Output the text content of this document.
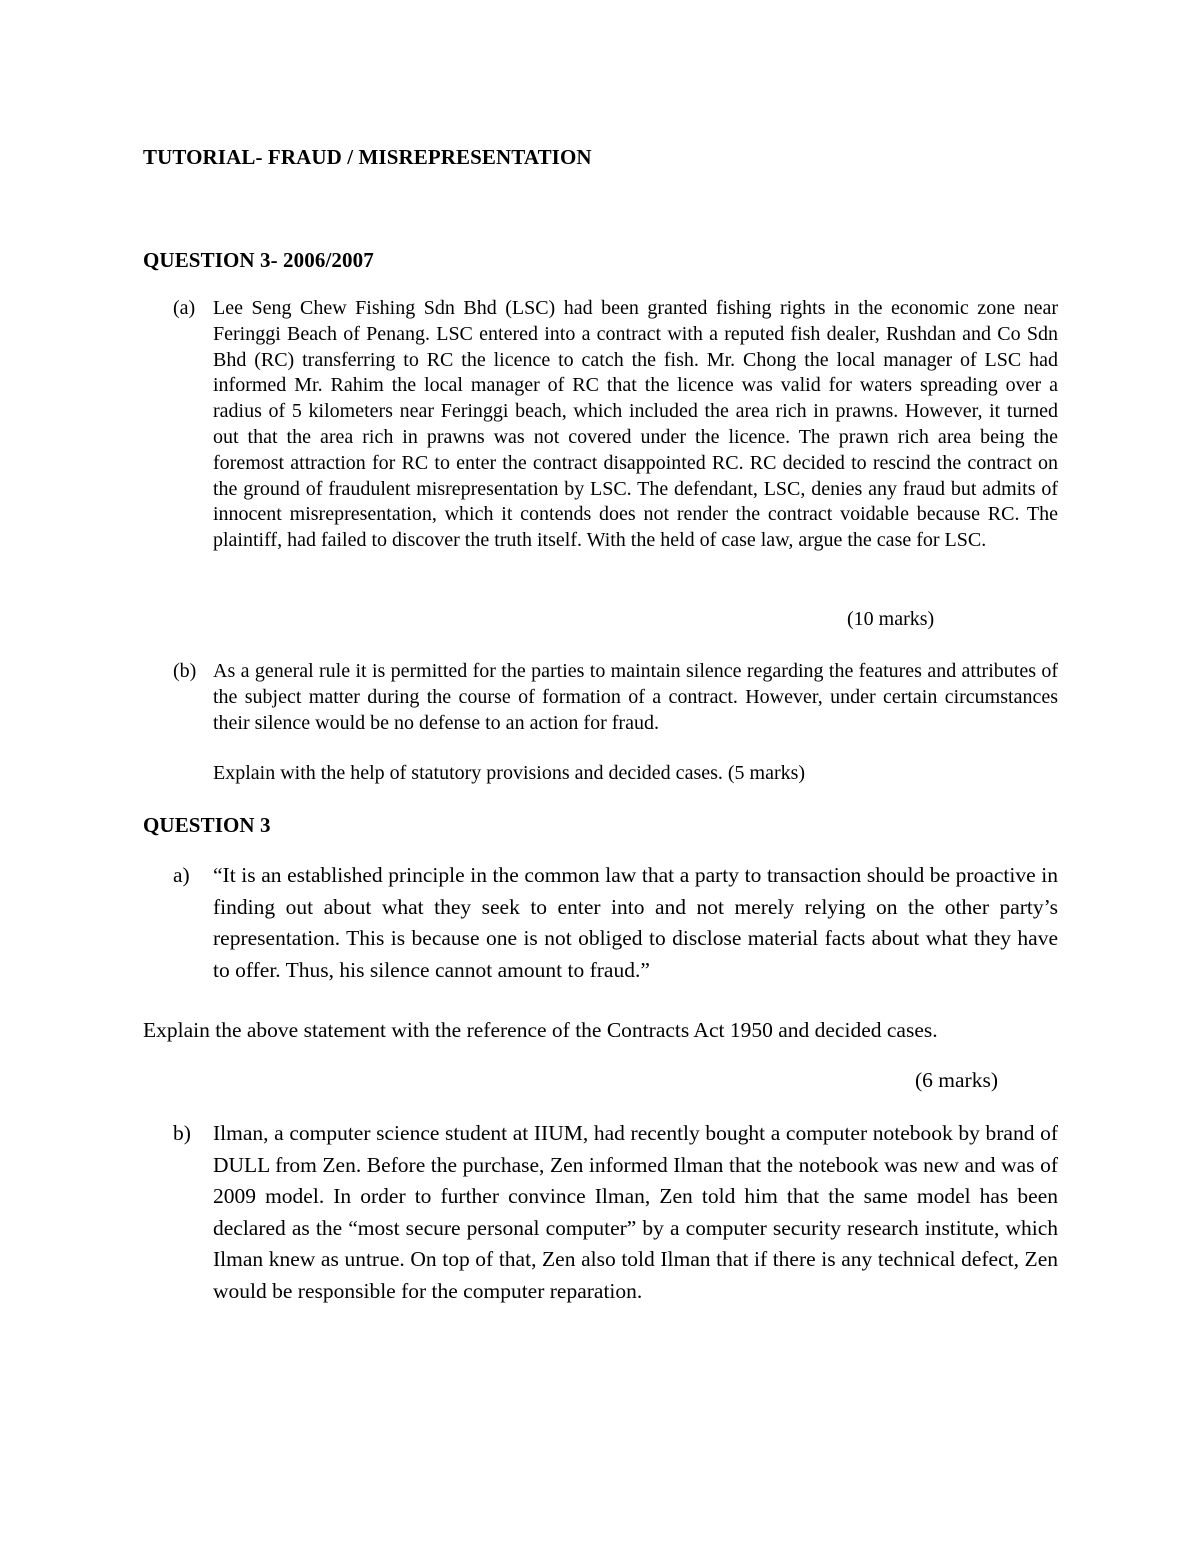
TUTORIAL- FRAUD / MISREPRESENTATION
QUESTION 3- 2006/2007
(a) Lee Seng Chew Fishing Sdn Bhd (LSC) had been granted fishing rights in the economic zone near Feringgi Beach of Penang. LSC entered into a contract with a reputed fish dealer, Rushdan and Co Sdn Bhd (RC) transferring to RC the licence to catch the fish. Mr. Chong the local manager of LSC had informed Mr. Rahim the local manager of RC that the licence was valid for waters spreading over a radius of 5 kilometers near Feringgi beach, which included the area rich in prawns. However, it turned out that the area rich in prawns was not covered under the licence. The prawn rich area being the foremost attraction for RC to enter the contract disappointed RC. RC decided to rescind the contract on the ground of fraudulent misrepresentation by LSC. The defendant, LSC, denies any fraud but admits of innocent misrepresentation, which it contends does not render the contract voidable because RC. The plaintiff, had failed to discover the truth itself. With the held of case law, argue the case for LSC.
(10 marks)
(b) As a general rule it is permitted for the parties to maintain silence regarding the features and attributes of the subject matter during the course of formation of a contract. However, under certain circumstances their silence would be no defense to an action for fraud.
Explain with the help of statutory provisions and decided cases. (5 marks)
QUESTION 3
a) “It is an established principle in the common law that a party to transaction should be proactive in finding out about what they seek to enter into and not merely relying on the other party’s representation. This is because one is not obliged to disclose material facts about what they have to offer. Thus, his silence cannot amount to fraud.”
Explain the above statement with the reference of the Contracts Act 1950 and decided cases.
(6 marks)
b) Ilman, a computer science student at IIUM, had recently bought a computer notebook by brand of DULL from Zen. Before the purchase, Zen informed Ilman that the notebook was new and was of 2009 model. In order to further convince Ilman, Zen told him that the same model has been declared as the “most secure personal computer” by a computer security research institute, which Ilman knew as untrue. On top of that, Zen also told Ilman that if there is any technical defect, Zen would be responsible for the computer reparation.
